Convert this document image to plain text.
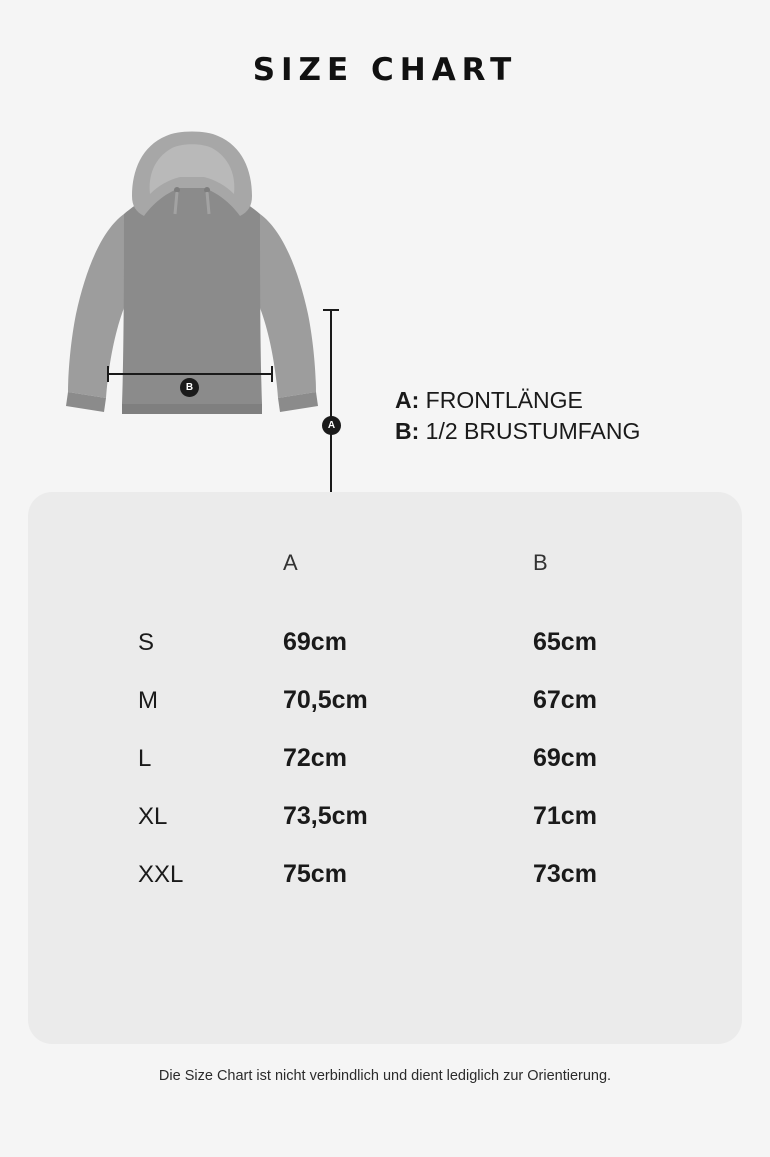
SIZE CHART
B
A
A: FRONTLÄNGE
B: 1/2 BRUSTUMFANG
	A	B
S	69cm	65cm
M	70,5cm	67cm
L	72cm	69cm
XL	73,5cm	71cm
XXL	75cm	73cm
Die Size Chart ist nicht verbindlich und dient lediglich zur Orientierung.
